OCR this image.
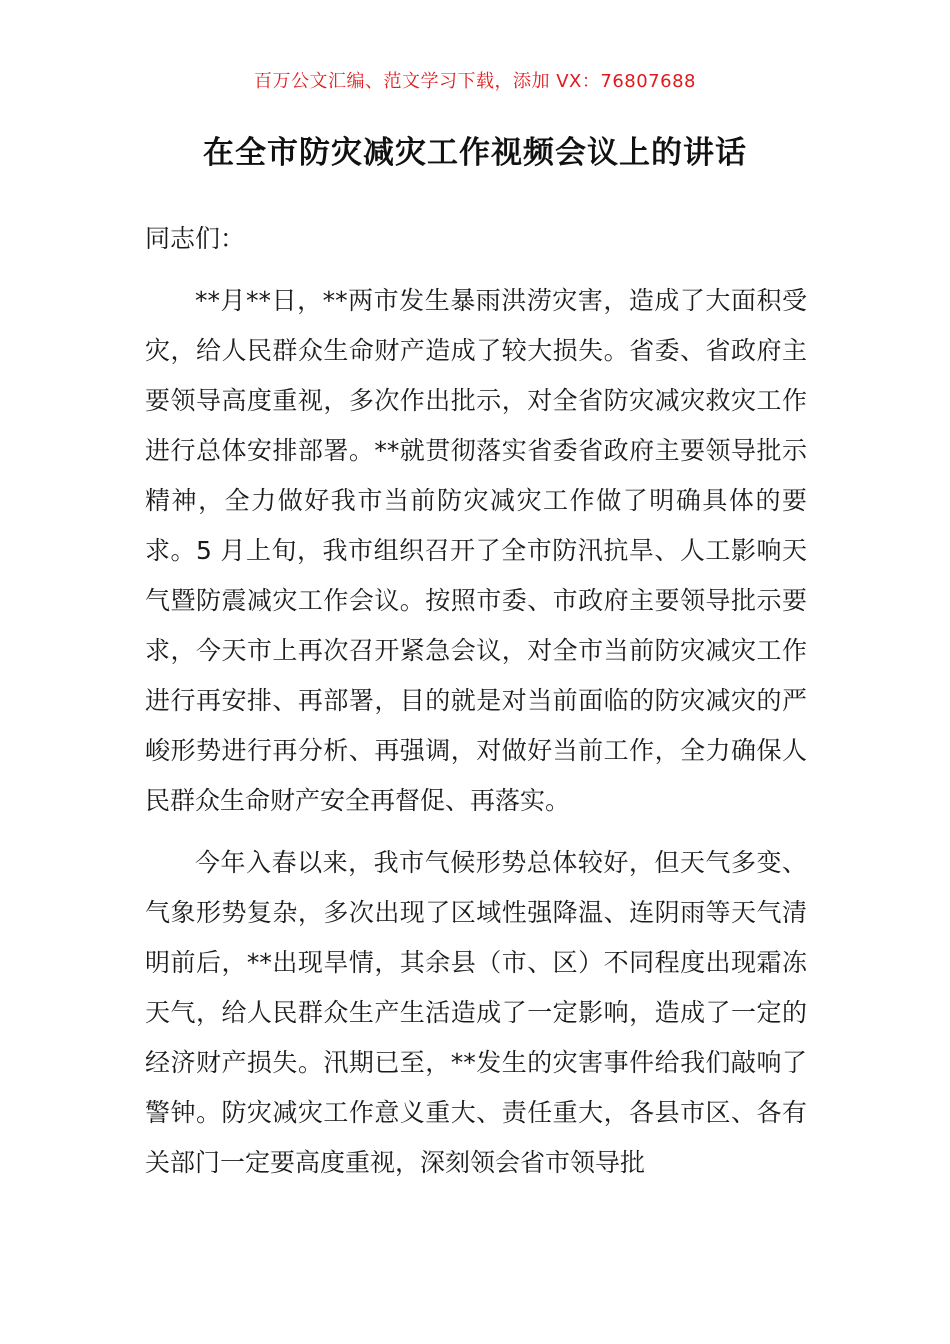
百万公文汇编、范文学习下载，添加 VX：76807688
在全市防灾减灾工作视频会议上的讲话

同志们：

**月**日，**两市发生暴雨洪涝灾害，造成了大面积受灾，给人民群众生命财产造成了较大损失。省委、省政府主要领导高度重视，多次作出批示，对全省防灾减灾救灾工作进行总体安排部署。**就贯彻落实省委省政府主要领导批示精神，全力做好我市当前防灾减灾工作做了明确具体的要求。5 月上旬，我市组织召开了全市防汛抗旱、人工影响天气暨防震减灾工作会议。按照市委、市政府主要领导批示要求，今天市上再次召开紧急会议，对全市当前防灾减灾工作进行再安排、再部署，目的就是对当前面临的防灾减灾的严峻形势进行再分析、再强调，对做好当前工作，全力确保人民群众生命财产安全再督促、再落实。

今年入春以来，我市气候形势总体较好，但天气多变、气象形势复杂，多次出现了区域性强降温、连阴雨等天气清明前后，**出现旱情，其余县（市、区）不同程度出现霜冻天气，给人民群众生产生活造成了一定影响，造成了一定的经济财产损失。汛期已至，**发生的灾害事件给我们敲响了警钟。防灾减灾工作意义重大、责任重大，各县市区、各有关部门一定要高度重视，深刻领会省市领导批
